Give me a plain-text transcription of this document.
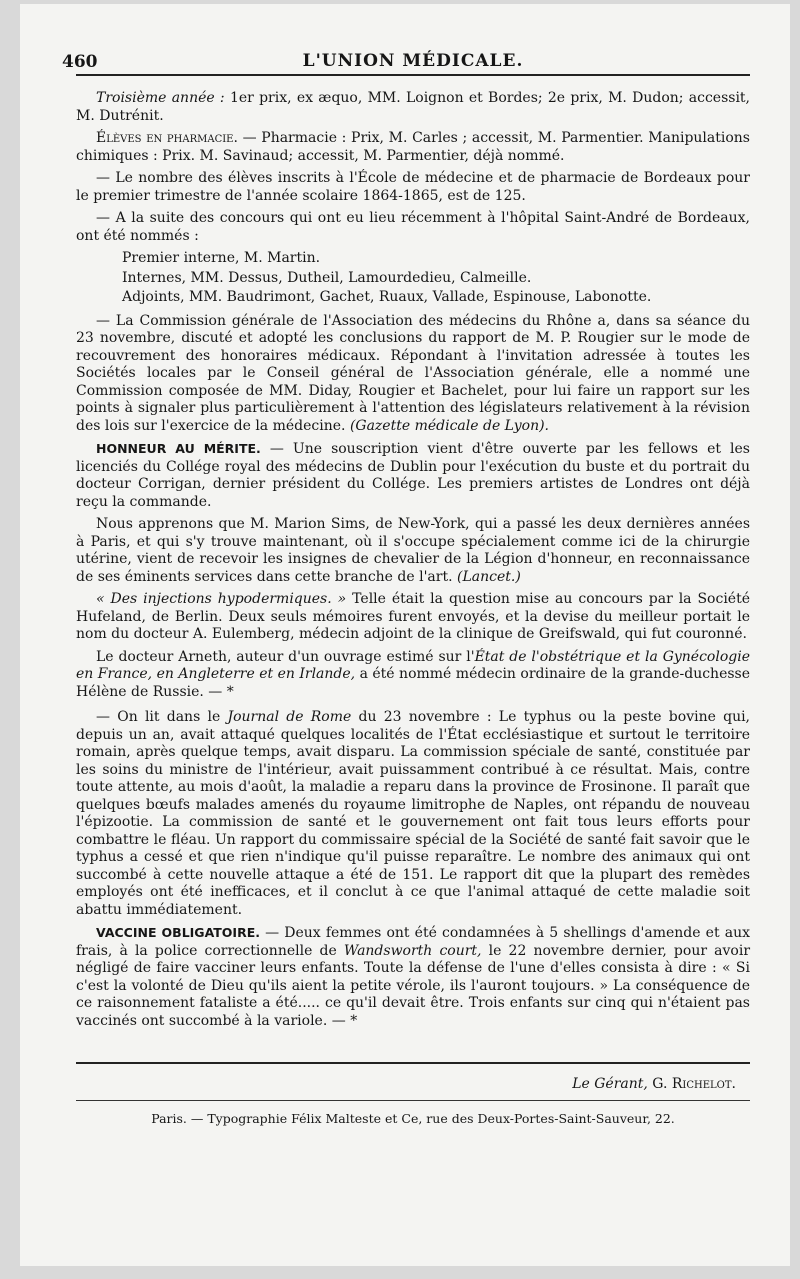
460	L'UNION MÉDICALE.

Troisième année : 1er prix, ex æquo, MM. Loignon et Bordes; 2e prix, M. Dudon; accessit, M. Dutrénit.

Élèves en pharmacie. — Pharmacie : Prix, M. Carles ; accessit, M. Parmentier. Manipulations chimiques : Prix. M. Savinaud; accessit, M. Parmentier, déjà nommé.

— Le nombre des élèves inscrits à l'École de médecine et de pharmacie de Bordeaux pour le premier trimestre de l'année scolaire 1864-1865, est de 125.

— A la suite des concours qui ont eu lieu récemment à l'hôpital Saint-André de Bordeaux, ont été nommés :

Premier interne, M. Martin.

Internes, MM. Dessus, Dutheil, Lamourdedieu, Calmeille.

Adjoints, MM. Baudrimont, Gachet, Ruaux, Vallade, Espinouse, Labonotte.

— La Commission générale de l'Association des médecins du Rhône a, dans sa séance du 23 novembre, discuté et adopté les conclusions du rapport de M. P. Rougier sur le mode de recouvrement des honoraires médicaux. Répondant à l'invitation adressée à toutes les Sociétés locales par le Conseil général de l'Association générale, elle a nommé une Commission composée de MM. Diday, Rougier et Bachelet, pour lui faire un rapport sur les points à signaler plus particulièrement à l'attention des législateurs relativement à la révision des lois sur l'exercice de la médecine. (Gazette médicale de Lyon).

HONNEUR AU MÉRITE. — Une souscription vient d'être ouverte par les fellows et les licenciés du Collége royal des médecins de Dublin pour l'exécution du buste et du portrait du docteur Corrigan, dernier président du Collége. Les premiers artistes de Londres ont déjà reçu la commande.

Nous apprenons que M. Marion Sims, de New-York, qui a passé les deux dernières années à Paris, et qui s'y trouve maintenant, où il s'occupe spécialement comme ici de la chirurgie utérine, vient de recevoir les insignes de chevalier de la Légion d'honneur, en reconnaissance de ses éminents services dans cette branche de l'art. (Lancet.)

« Des injections hypodermiques. » Telle était la question mise au concours par la Société Hufeland, de Berlin. Deux seuls mémoires furent envoyés, et la devise du meilleur portait le nom du docteur A. Eulemberg, médecin adjoint de la clinique de Greifswald, qui fut couronné.

Le docteur Arneth, auteur d'un ouvrage estimé sur l'État de l'obstétrique et la Gynécologie en France, en Angleterre et en Irlande, a été nommé médecin ordinaire de la grande-duchesse Hélène de Russie. — *

— On lit dans le Journal de Rome du 23 novembre : Le typhus ou la peste bovine qui, depuis un an, avait attaqué quelques localités de l'État ecclésiastique et surtout le territoire romain, après quelque temps, avait disparu. La commission spéciale de santé, constituée par les soins du ministre de l'intérieur, avait puissamment contribué à ce résultat. Mais, contre toute attente, au mois d'août, la maladie a reparu dans la province de Frosinone. Il paraît que quelques bœufs malades amenés du royaume limitrophe de Naples, ont répandu de nouveau l'épizootie. La commission de santé et le gouvernement ont fait tous leurs efforts pour combattre le fléau. Un rapport du commissaire spécial de la Société de santé fait savoir que le typhus a cessé et que rien n'indique qu'il puisse reparaître. Le nombre des animaux qui ont succombé à cette nouvelle attaque a été de 151. Le rapport dit que la plupart des remèdes employés ont été inefficaces, et il conclut à ce que l'animal attaqué de cette maladie soit abattu immédiatement.

VACCINE OBLIGATOIRE. — Deux femmes ont été condamnées à 5 shellings d'amende et aux frais, à la police correctionnelle de Wandsworth court, le 22 novembre dernier, pour avoir négligé de faire vacciner leurs enfants. Toute la défense de l'une d'elles consista à dire : « Si c'est la volonté de Dieu qu'ils aient la petite vérole, ils l'auront toujours. » La conséquence de ce raisonnement fataliste a été..... ce qu'il devait être. Trois enfants sur cinq qui n'étaient pas vaccinés ont succombé à la variole. — *

Le Gérant, G. Richelot.
Paris. — Typographie Félix Malteste et Ce, rue des Deux-Portes-Saint-Sauveur, 22.
